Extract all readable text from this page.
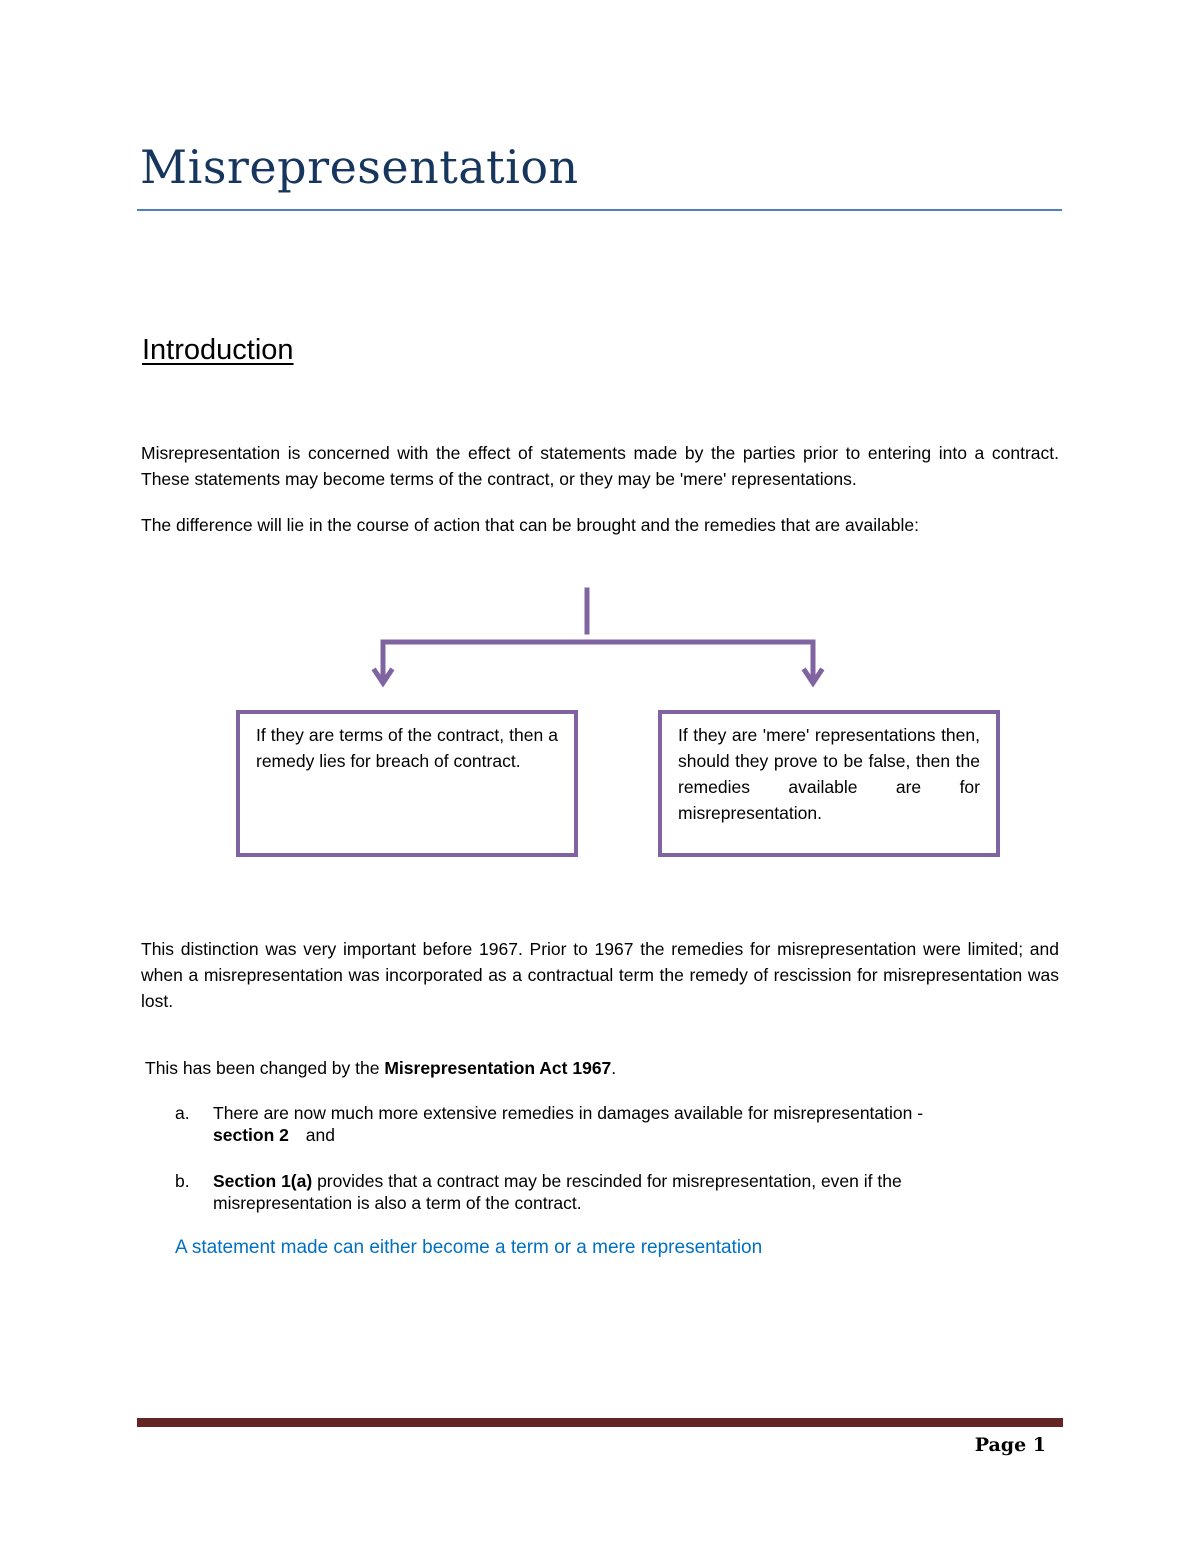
Misrepresentation
Introduction

Misrepresentation is concerned with the effect of statements made by the parties prior to entering into a contract. These statements may become terms of the contract, or they may be 'mere' representations.

The difference will lie in the course of action that can be brought and the remedies that are available:

If they are terms of the contract, then a remedy lies for breach of contract.
If they are 'mere' representations then, should they prove to be false, then the remedies available are for misrepresentation.

This distinction was very important before 1967. Prior to 1967 the remedies for misrepresentation were limited; and when a misrepresentation was incorporated as a contractual term the remedy of rescission for misrepresentation was lost.

This has been changed by the Misrepresentation Act 1967.

a. There are now much more extensive remedies in damages available for misrepresentation -
section 2 and
b. Section 1(a) provides that a contract may be rescinded for misrepresentation, even if the misrepresentation is also a term of the contract.
A statement made can either become a term or a mere representation
Page 1
